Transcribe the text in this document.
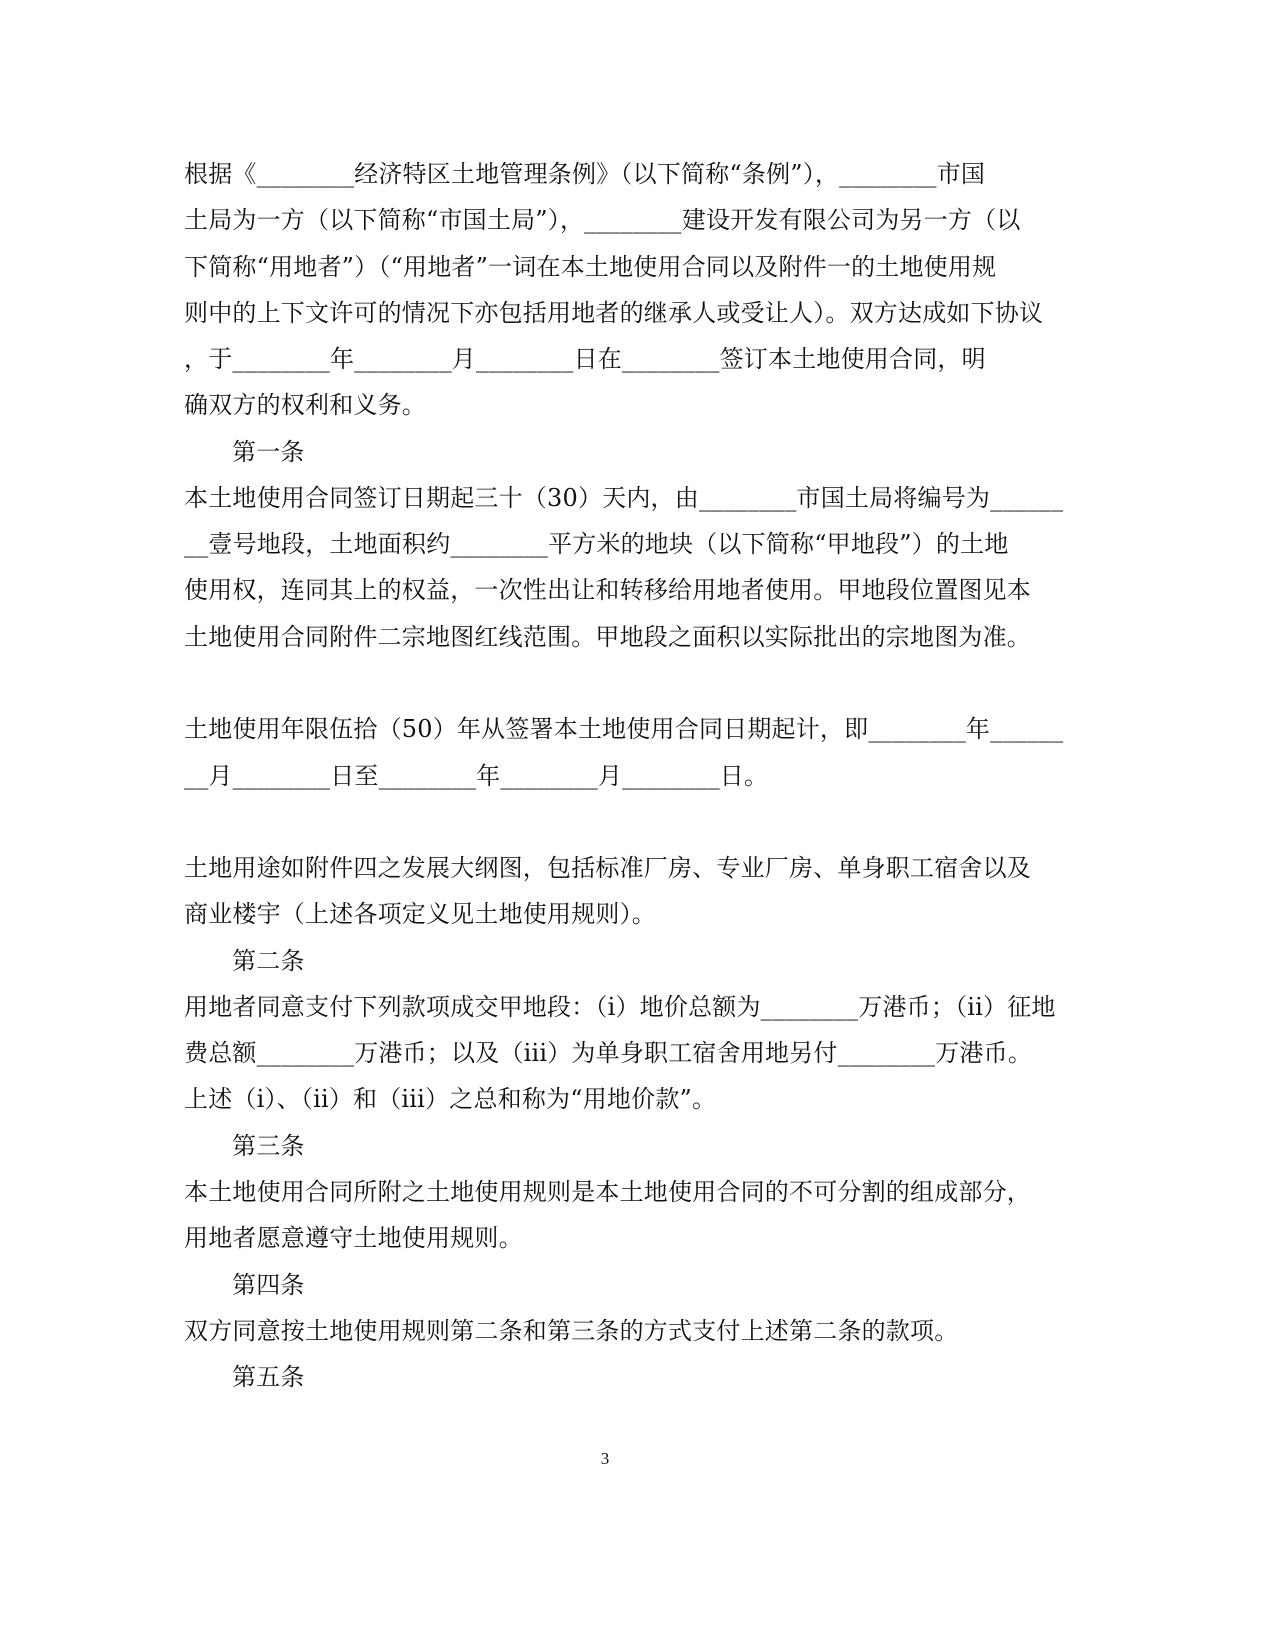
根据《________经济特区土地管理条例》（以下简称“条例”），________市国
土局为一方（以下简称“市国土局”），________建设开发有限公司为另一方（以
下简称“用地者”）（“用地者”一词在本土地使用合同以及附件一的土地使用规
则中的上下文许可的情况下亦包括用地者的继承人或受让人）。双方达成如下协议
，于________年________月________日在________签订本土地使用合同，明
确双方的权利和义务。
第一条
本土地使用合同签订日期起三十（30）天内，由________市国土局将编号为______
__壹号地段，土地面积约________平方米的地块（以下简称“甲地段”）的土地
使用权，连同其上的权益，一次性出让和转移给用地者使用。甲地段位置图见本
土地使用合同附件二宗地图红线范围。甲地段之面积以实际批出的宗地图为准。
土地使用年限伍拾（50）年从签署本土地使用合同日期起计，即________年______
__月________日至________年________月________日。
土地用途如附件四之发展大纲图，包括标准厂房、专业厂房、单身职工宿舍以及
商业楼宇（上述各项定义见土地使用规则）。
第二条
用地者同意支付下列款项成交甲地段：（i）地价总额为________万港币；（ii）征地
费总额________万港币；以及（iii）为单身职工宿舍用地另付________万港币。
上述（i）、（ii）和（iii）之总和称为“用地价款”。
第三条
本土地使用合同所附之土地使用规则是本土地使用合同的不可分割的组成部分，
用地者愿意遵守土地使用规则。
第四条
双方同意按土地使用规则第二条和第三条的方式支付上述第二条的款项。
第五条
3
